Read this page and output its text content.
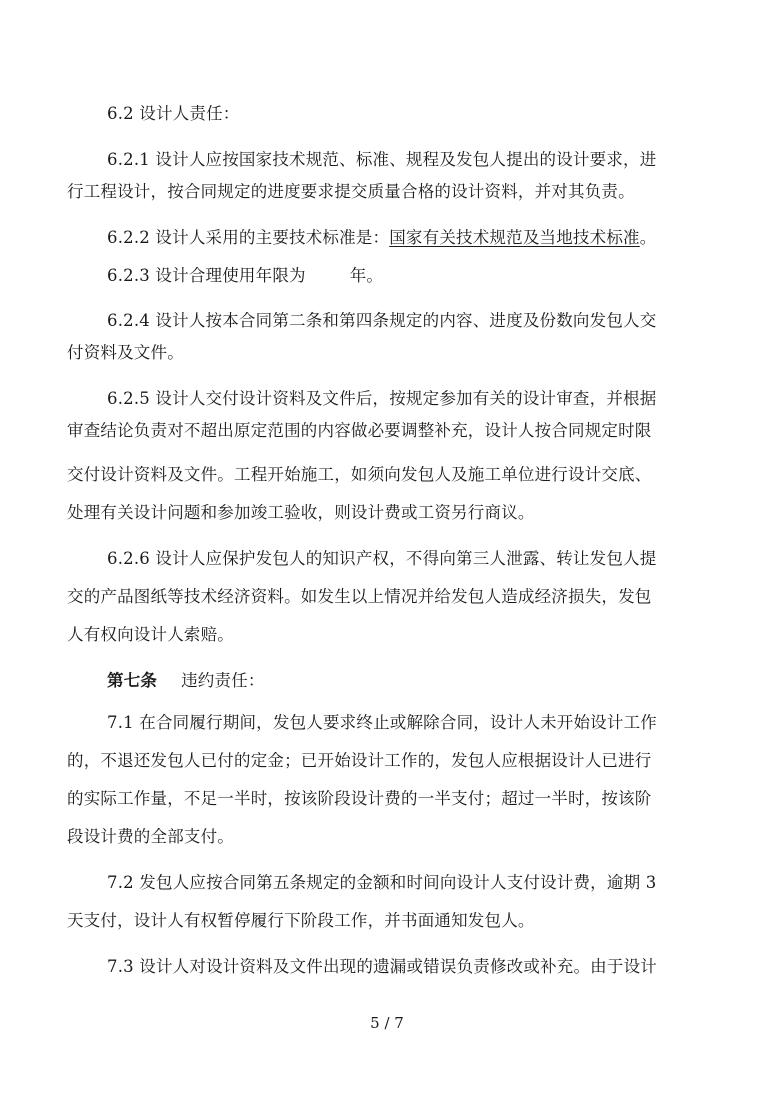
6.2 设计人责任：
6.2.1 设计人应按国家技术规范、标准、规程及发包人提出的设计要求，进
行工程设计，按合同规定的进度要求提交质量合格的设计资料，并对其负责。
6.2.2 设计人采用的主要技术标准是：国家有关技术规范及当地技术标准。
6.2.3 设计合理使用年限为	年。
6.2.4 设计人按本合同第二条和第四条规定的内容、进度及份数向发包人交
付资料及文件。
6.2.5 设计人交付设计资料及文件后，按规定参加有关的设计审查，并根据
审查结论负责对不超出原定范围的内容做必要调整补充，设计人按合同规定时限
交付设计资料及文件。工程开始施工，如须向发包人及施工单位进行设计交底、
处理有关设计问题和参加竣工验收，则设计费或工资另行商议。
6.2.6 设计人应保护发包人的知识产权，不得向第三人泄露、转让发包人提
交的产品图纸等技术经济资料。如发生以上情况并给发包人造成经济损失，发包
人有权向设计人索赔。
第七条 违约责任：
7.1 在合同履行期间，发包人要求终止或解除合同，设计人未开始设计工作
的，不退还发包人已付的定金；已开始设计工作的，发包人应根据设计人已进行
的实际工作量，不足一半时，按该阶段设计费的一半支付；超过一半时，按该阶
段设计费的全部支付。
7.2 发包人应按合同第五条规定的金额和时间向设计人支付设计费，逾期 3
天支付，设计人有权暂停履行下阶段工作，并书面通知发包人。
7.3 设计人对设计资料及文件出现的遗漏或错误负责修改或补充。由于设计
5 / 7
